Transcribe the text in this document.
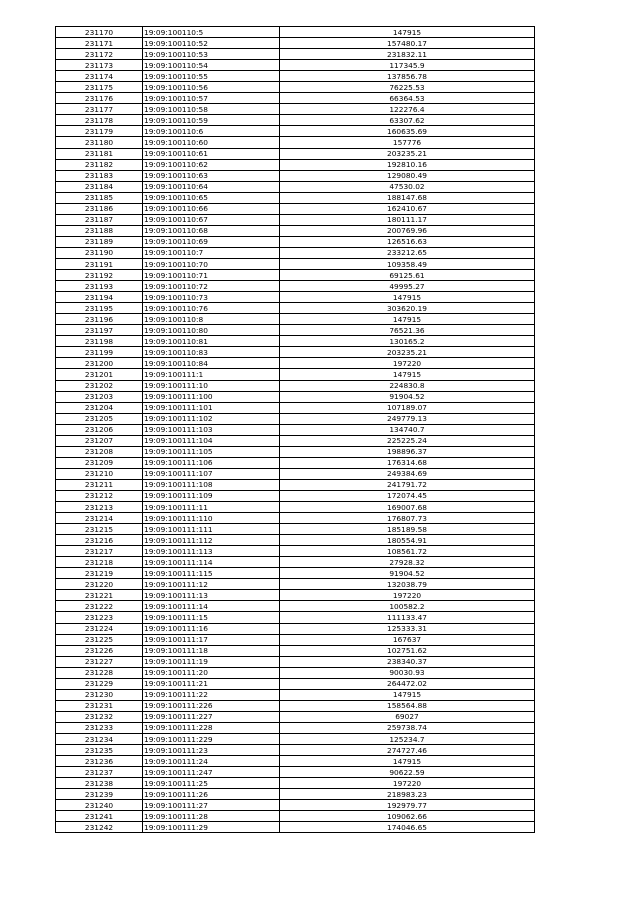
231170	19:09:100110:5	147915
231171	19:09:100110:52	157480.17
231172	19:09:100110:53	231832.11
231173	19:09:100110:54	117345.9
231174	19:09:100110:55	137856.78
231175	19:09:100110:56	76225.53
231176	19:09:100110:57	66364.53
231177	19:09:100110:58	122276.4
231178	19:09:100110:59	63307.62
231179	19:09:100110:6	160635.69
231180	19:09:100110:60	157776
231181	19:09:100110:61	203235.21
231182	19:09:100110:62	192810.16
231183	19:09:100110:63	129080.49
231184	19:09:100110:64	47530.02
231185	19:09:100110:65	188147.68
231186	19:09:100110:66	162410.67
231187	19:09:100110:67	180111.17
231188	19:09:100110:68	200769.96
231189	19:09:100110:69	126516.63
231190	19:09:100110:7	233212.65
231191	19:09:100110:70	109358.49
231192	19:09:100110:71	69125.61
231193	19:09:100110:72	49995.27
231194	19:09:100110:73	147915
231195	19:09:100110:76	303620.19
231196	19:09:100110:8	147915
231197	19:09:100110:80	76521.36
231198	19:09:100110:81	130165.2
231199	19:09:100110:83	203235.21
231200	19:09:100110:84	197220
231201	19:09:100111:1	147915
231202	19:09:100111:10	224830.8
231203	19:09:100111:100	91904.52
231204	19:09:100111:101	107189.07
231205	19:09:100111:102	249779.13
231206	19:09:100111:103	134740.7
231207	19:09:100111:104	225225.24
231208	19:09:100111:105	198896.37
231209	19:09:100111:106	176314.68
231210	19:09:100111:107	249384.69
231211	19:09:100111:108	241791.72
231212	19:09:100111:109	172074.45
231213	19:09:100111:11	169007.68
231214	19:09:100111:110	176807.73
231215	19:09:100111:111	185189.58
231216	19:09:100111:112	180554.91
231217	19:09:100111:113	108561.72
231218	19:09:100111:114	27928.32
231219	19:09:100111:115	91904.52
231220	19:09:100111:12	132038.79
231221	19:09:100111:13	197220
231222	19:09:100111:14	100582.2
231223	19:09:100111:15	111133.47
231224	19:09:100111:16	125333.31
231225	19:09:100111:17	167637
231226	19:09:100111:18	102751.62
231227	19:09:100111:19	238340.37
231228	19:09:100111:20	90030.93
231229	19:09:100111:21	264472.02
231230	19:09:100111:22	147915
231231	19:09:100111:226	158564.88
231232	19:09:100111:227	69027
231233	19:09:100111:228	259738.74
231234	19:09:100111:229	125234.7
231235	19:09:100111:23	274727.46
231236	19:09:100111:24	147915
231237	19:09:100111:247	90622.59
231238	19:09:100111:25	197220
231239	19:09:100111:26	218983.23
231240	19:09:100111:27	192979.77
231241	19:09:100111:28	109062.66
231242	19:09:100111:29	174046.65
